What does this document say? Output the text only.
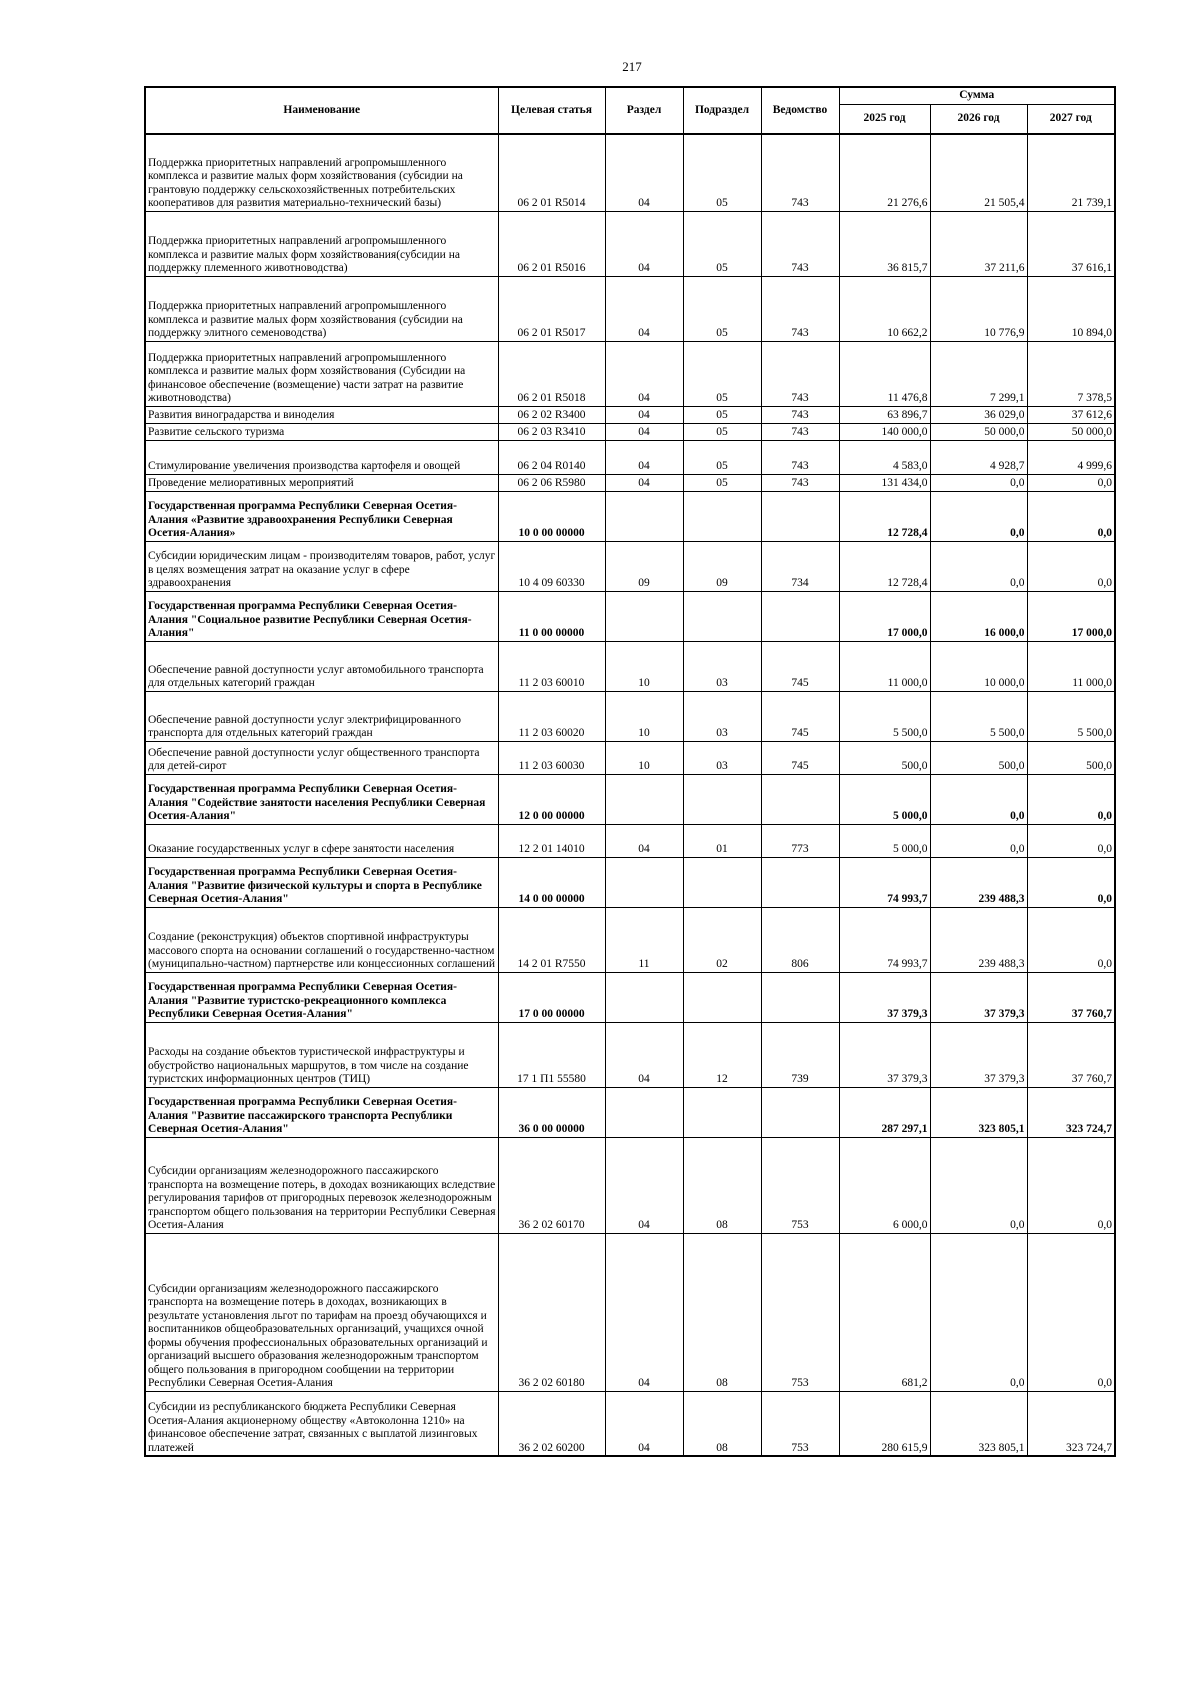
217
Наименование	Целевая статья	Раздел	Подраздел	Ведомство	Сумма		
					2025 год	2026 год	2027 год
Поддержка приоритетных направлений агропромышленного комплекса и развитие малых форм хозяйствования (субсидии на грантовую поддержку сельскохозяйственных потребительских кооперативов для развития материально-технический базы)	06 2 01 R5014	04	05	743	21 276,6	21 505,4	21 739,1
Поддержка приоритетных направлений агропромышленного комплекса и развитие малых форм хозяйствования(субсидии на поддержку племенного животноводства)	06 2 01 R5016	04	05	743	36 815,7	37 211,6	37 616,1
Поддержка приоритетных направлений агропромышленного комплекса и развитие малых форм хозяйствования (субсидии на поддержку элитного семеноводства)	06 2 01 R5017	04	05	743	10 662,2	10 776,9	10 894,0
Поддержка приоритетных направлений агропромышленного комплекса и развитие малых форм хозяйствования (Субсидии на финансовое обеспечение (возмещение) части затрат на развитие животноводства)	06 2 01 R5018	04	05	743	11 476,8	7 299,1	7 378,5
Развития виноградарства и виноделия	06 2 02 R3400	04	05	743	63 896,7	36 029,0	37 612,6
Развитие сельского туризма	06 2 03 R3410	04	05	743	140 000,0	50 000,0	50 000,0
Стимулирование увеличения производства картофеля и овощей	06 2 04 R0140	04	05	743	4 583,0	4 928,7	4 999,6
Проведение мелиоративных мероприятий	06 2 06 R5980	04	05	743	131 434,0	0,0	0,0
Государственная программа Республики Северная Осетия-Алания «Развитие здравоохранения Республики Северная Осетия-Алания»	10 0 00 00000				12 728,4	0,0	0,0
Субсидии юридическим лицам - производителям товаров, работ, услуг в целях возмещения затрат на оказание услуг в сфере здравоохранения	10 4 09 60330	09	09	734	12 728,4	0,0	0,0
Государственная программа Республики Северная Осетия-Алания "Социальное развитие Республики Северная Осетия-Алания"	11 0 00 00000				17 000,0	16 000,0	17 000,0
Обеспечение равной доступности услуг автомобильного транспорта для отдельных категорий граждан	11 2 03 60010	10	03	745	11 000,0	10 000,0	11 000,0
Обеспечение равной доступности услуг электрифицированного транспорта для отдельных категорий граждан	11 2 03 60020	10	03	745	5 500,0	5 500,0	5 500,0
Обеспечение равной доступности услуг общественного транспорта для детей-сирот	11 2 03 60030	10	03	745	500,0	500,0	500,0
Государственная программа Республики Северная Осетия-Алания "Содействие занятости населения Республики Северная Осетия-Алания"	12 0 00 00000				5 000,0	0,0	0,0
Оказание государственных услуг в сфере занятости населения	12 2 01 14010	04	01	773	5 000,0	0,0	0,0
Государственная программа Республики Северная Осетия-Алания "Развитие физической культуры и спорта в Республике Северная Осетия-Алания"	14 0 00 00000				74 993,7	239 488,3	0,0
Создание (реконструкция) объектов спортивной инфраструктуры массового спорта на основании соглашений о государственно-частном (муниципально-частном) партнерстве или концессионных соглашений	14 2 01 R7550	11	02	806	74 993,7	239 488,3	0,0
Государственная программа Республики Северная Осетия-Алания "Развитие туристско-рекреационного комплекса Республики Северная Осетия-Алания"	17 0 00 00000				37 379,3	37 379,3	37 760,7
Расходы на создание объектов туристической инфраструктуры и обустройство национальных маршрутов, в том числе на создание туристских информационных центров (ТИЦ)	17 1 П1 55580	04	12	739	37 379,3	37 379,3	37 760,7
Государственная программа Республики Северная Осетия-Алания "Развитие пассажирского транспорта Республики Северная Осетия-Алания"	36 0 00 00000				287 297,1	323 805,1	323 724,7
Субсидии организациям железнодорожного пассажирского транспорта на возмещение потерь, в доходах возникающих вследствие регулирования тарифов от пригородных перевозок железнодорожным транспортом общего пользования на территории Республики Северная Осетия-Алания	36 2 02 60170	04	08	753	6 000,0	0,0	0,0
Субсидии организациям железнодорожного пассажирского транспорта на возмещение потерь в доходах, возникающих в результате установления льгот по тарифам на проезд обучающихся и воспитанников общеобразовательных организаций, учащихся очной формы обучения профессиональных образовательных организаций и организаций высшего образования железнодорожным транспортом общего пользования в пригородном сообщении на территории Республики Северная Осетия-Алания	36 2 02 60180	04	08	753	681,2	0,0	0,0
Субсидии из республиканского бюджета Республики Северная Осетия-Алания акционерному обществу «Автоколонна 1210» на финансовое обеспечение затрат, связанных с выплатой лизинговых платежей	36 2 02 60200	04	08	753	280 615,9	323 805,1	323 724,7
